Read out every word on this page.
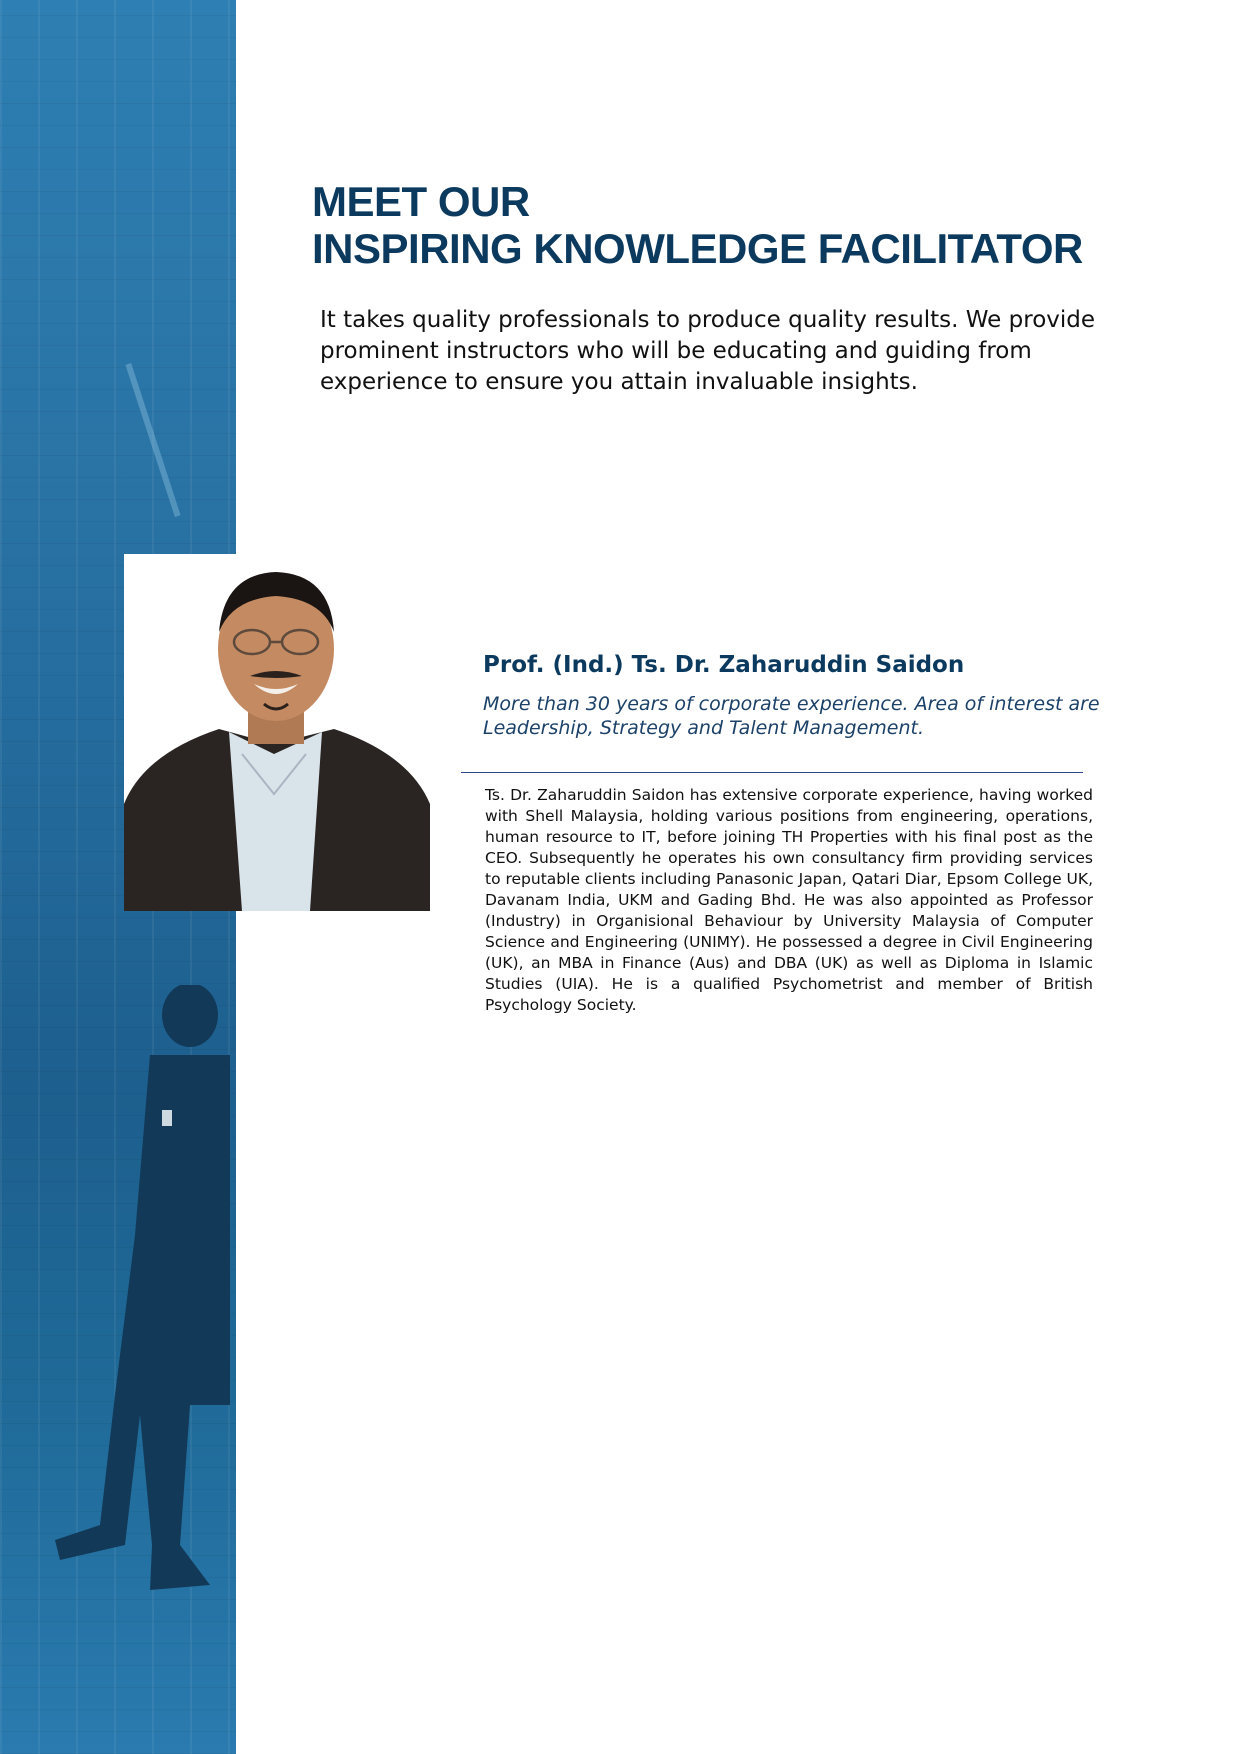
MEET OUR
INSPIRING KNOWLEDGE FACILITATOR
It takes quality professionals to produce quality results. We provide prominent instructors who will be educating and guiding from experience to ensure you attain invaluable insights.
Prof. (Ind.) Ts. Dr. Zaharuddin Saidon
More than 30 years of corporate experience. Area of interest are Leadership, Strategy and Talent Management.
Ts. Dr. Zaharuddin Saidon has extensive corporate experience, having worked with Shell Malaysia, holding various positions from engineering, operations, human resource to IT, before joining TH Properties with his final post as the CEO. Subsequently he operates his own consultancy firm providing services to reputable clients including Panasonic Japan, Qatari Diar, Epsom College UK, Davanam India, UKM and Gading Bhd. He was also appointed as Professor (Industry) in Organisional Behaviour by University Malaysia of Computer Science and Engineering (UNIMY). He possessed a degree in Civil Engineering (UK), an MBA in Finance (Aus) and DBA (UK) as well as Diploma in Islamic Studies (UIA). He is a qualified Psychometrist and member of British Psychology Society.
